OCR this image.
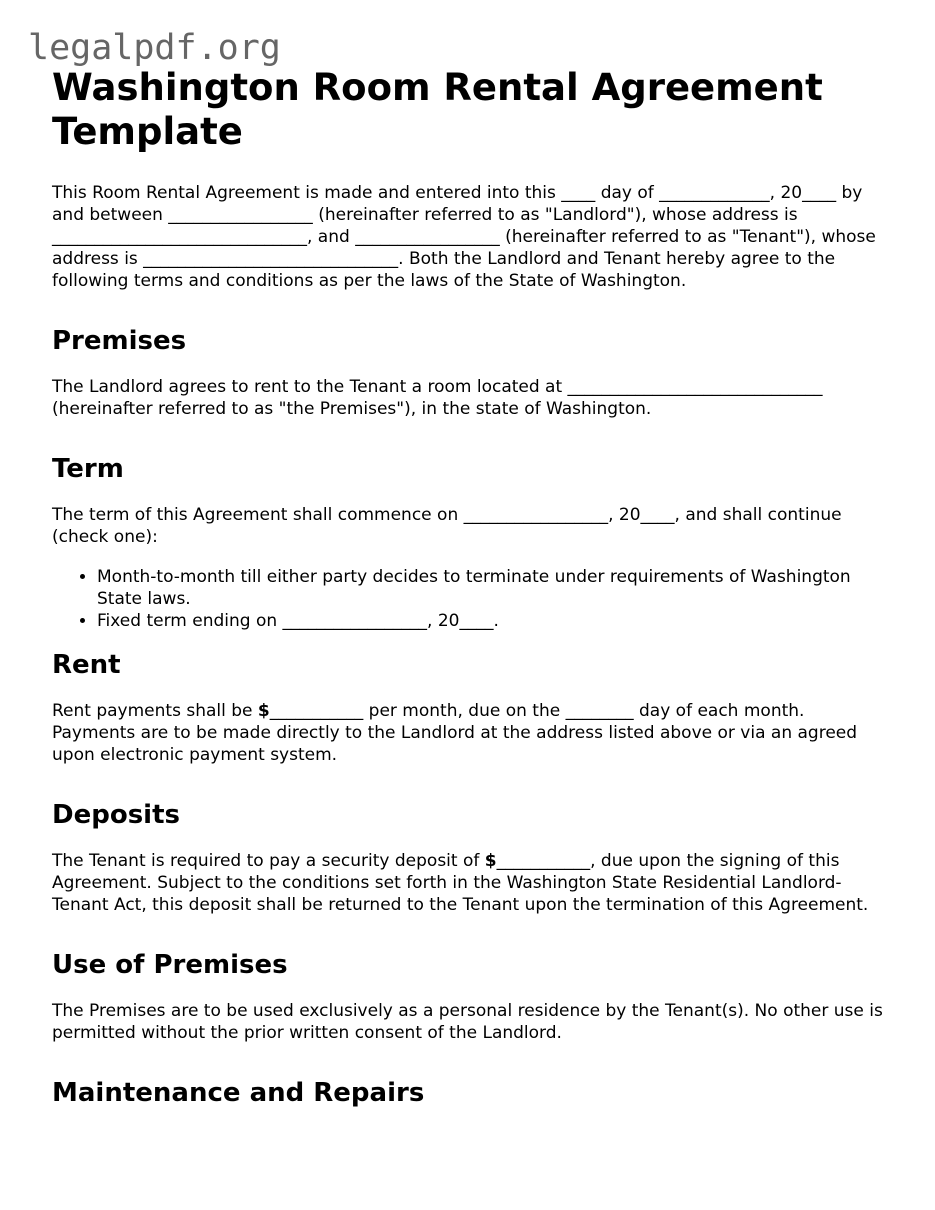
legalpdf.org
Washington Room Rental Agreement Template

This Room Rental Agreement is made and entered into this ____ day of _____________, 20____ by and between _________________ (hereinafter referred to as "Landlord"), whose address is ______________________________, and _________________ (hereinafter referred to as "Tenant"), whose address is ______________________________. Both the Landlord and Tenant hereby agree to the following terms and conditions as per the laws of the State of Washington.

Premises

The Landlord agrees to rent to the Tenant a room located at ______________________________ (hereinafter referred to as "the Premises"), in the state of Washington.

Term

The term of this Agreement shall commence on _________________, 20____, and shall continue (check one):

• Month-to-month till either party decides to terminate under requirements of Washington State laws.
• Fixed term ending on _________________, 20____.
Rent

Rent payments shall be $___________ per month, due on the ________ day of each month. Payments are to be made directly to the Landlord at the address listed above or via an agreed upon electronic payment system.

Deposits

The Tenant is required to pay a security deposit of $___________, due upon the signing of this Agreement. Subject to the conditions set forth in the Washington State Residential Landlord-Tenant Act, this deposit shall be returned to the Tenant upon the termination of this Agreement.

Use of Premises

The Premises are to be used exclusively as a personal residence by the Tenant(s). No other use is permitted without the prior written consent of the Landlord.

Maintenance and Repairs
